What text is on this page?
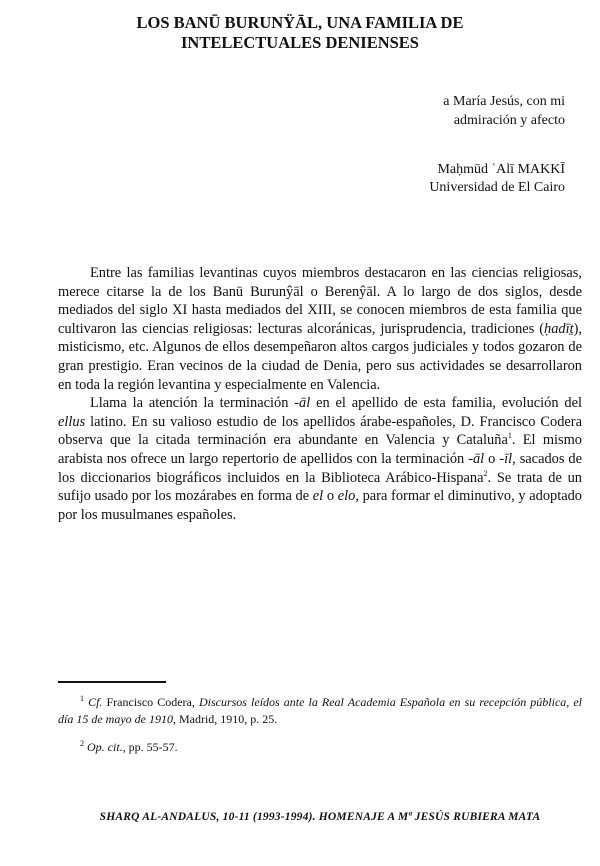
LOS BANŪ BURUNŸĀL, UNA FAMILIA DE
INTELECTUALES DENIENSES
a María Jesús, con mi
admiración y afecto
Maḥmūd ʿAlī MAKKĪ
Universidad de El Cairo

Entre las familias levantinas cuyos miembros destacaron en las ciencias religiosas, merece citarse la de los Banū Burunŷāl o Berenŷāl. A lo largo de dos siglos, desde mediados del siglo XI hasta mediados del XIII, se conocen miembros de esta familia que cultivaron las ciencias religiosas: lecturas alcoránicas, jurisprudencia, tradiciones (ḥadīṯ), misticismo, etc. Algunos de ellos desempeñaron altos cargos judiciales y todos gozaron de gran prestigio. Eran vecinos de la ciudad de Denia, pero sus actividades se desarrollaron en toda la región levantina y especialmente en Valencia.

Llama la atención la terminación -āl en el apellido de esta familia, evolución del ellus latino. En su valioso estudio de los apellidos árabe-españoles, D. Francisco Codera observa que la citada terminación era abundante en Valencia y Cataluña$^1$. El mismo arabista nos ofrece un largo repertorio de apellidos con la terminación -āl o -īl, sacados de los diccionarios biográficos incluidos en la Biblioteca Arábico-Hispana$^2$. Se trata de un sufijo usado por los mozárabes en forma de el o elo, para formar el diminutivo, y adoptado por los musulmanes españoles.

$^1$ Cf. Francisco Codera, Discursos leídos ante la Real Academia Española en su recepción pública, el día 15 de mayo de 1910, Madrid, 1910, p. 25.

$^2$ Op. cit., pp. 55-57.

SHARQ AL-ANDALUS, 10-11 (1993-1994). HOMENAJE A Mª JESÚS RUBIERA MATA
